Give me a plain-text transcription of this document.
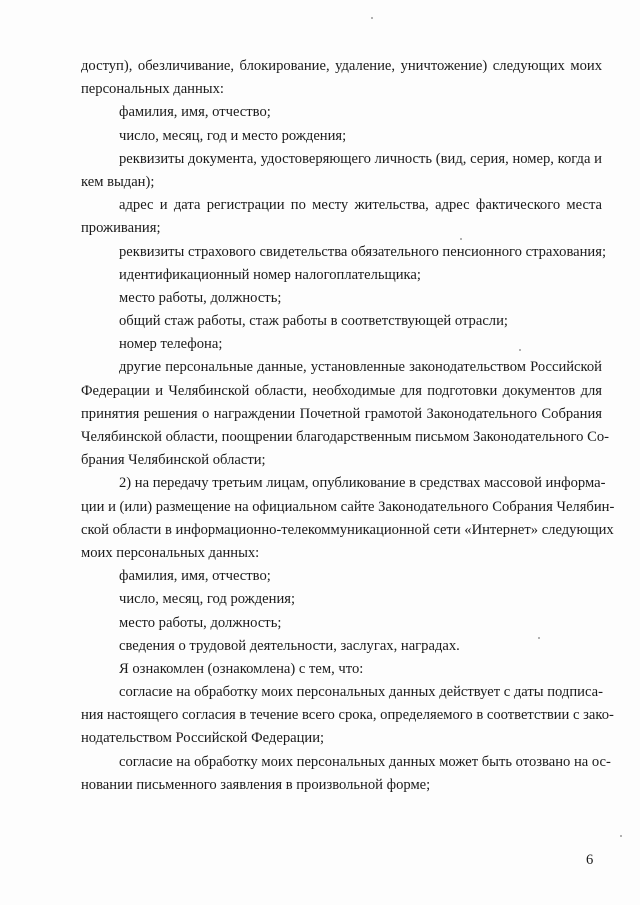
доступ), обезличивание, блокирование, удаление, уничтожение) следующих моих
персональных данных:
фамилия, имя, отчество;
число, месяц, год и место рождения;
реквизиты документа, удостоверяющего личность (вид, серия, номер, когда и
кем выдан);
адрес и дата регистрации по месту жительства, адрес фактического места
проживания;
реквизиты страхового свидетельства обязательного пенсионного страхования;
идентификационный номер налогоплательщика;
место работы, должность;
общий стаж работы, стаж работы в соответствующей отрасли;
номер телефона;
другие персональные данные, установленные законодательством Российской
Федерации и Челябинской области, необходимые для подготовки документов для
принятия решения о награждении Почетной грамотой Законодательного Собрания
Челябинской области, поощрении благодарственным письмом Законодательного Со-
брания Челябинской области;
2) на передачу третьим лицам, опубликование в средствах массовой информа-
ции и (или) размещение на официальном сайте Законодательного Собрания Челябин-
ской области в информационно-телекоммуникационной сети «Интернет» следующих
моих персональных данных:
фамилия, имя, отчество;
число, месяц, год рождения;
место работы, должность;
сведения о трудовой деятельности, заслугах, наградах.
Я ознакомлен (ознакомлена) с тем, что:
согласие на обработку моих персональных данных действует с даты подписа-
ния настоящего согласия в течение всего срока, определяемого в соответствии с зако-
нодательством Российской Федерации;
согласие на обработку моих персональных данных может быть отозвано на ос-
новании письменного заявления в произвольной форме;
6
